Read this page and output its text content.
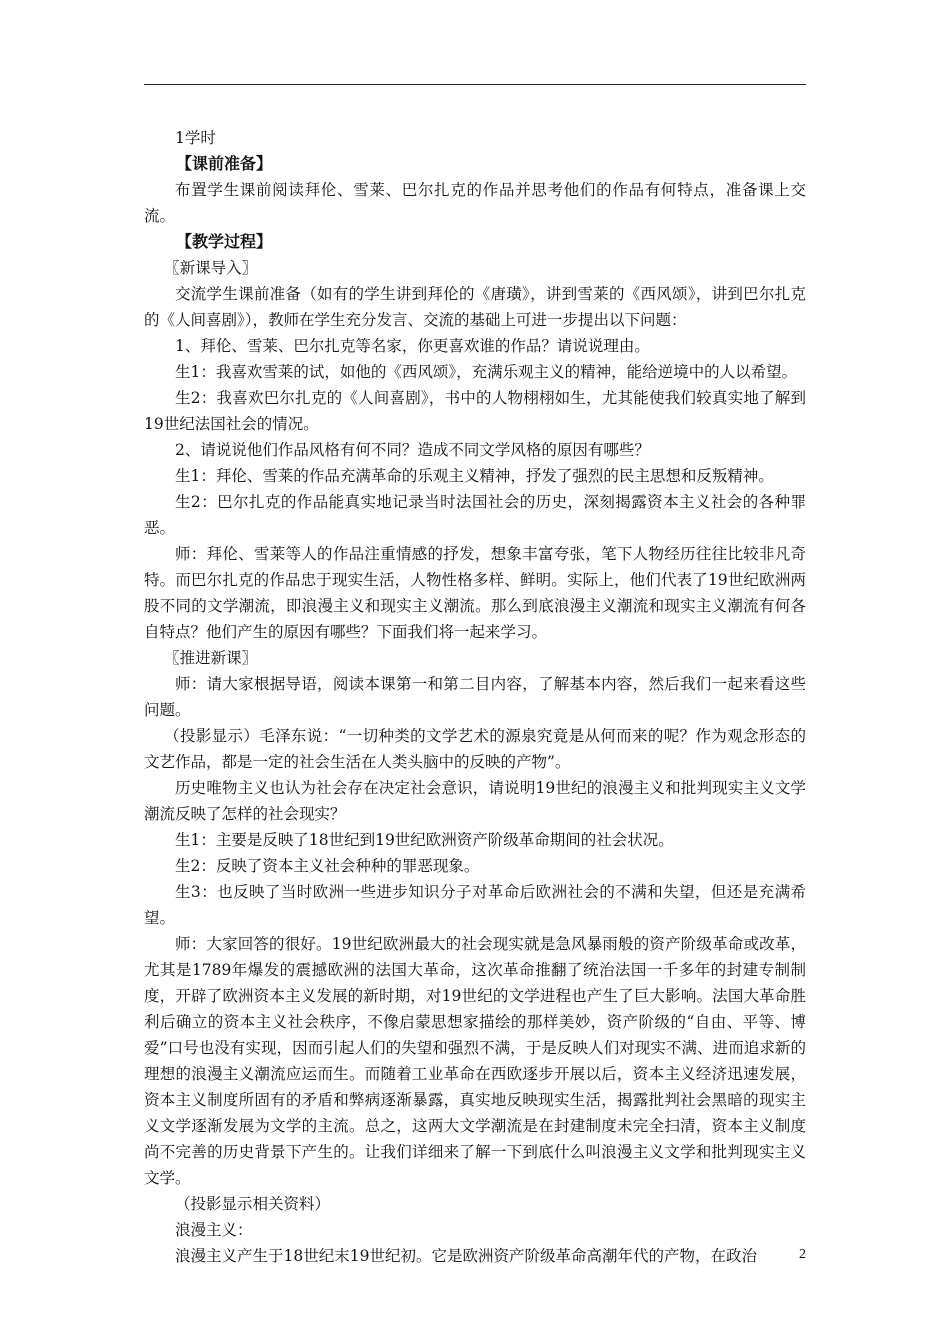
1学时

【课前准备】

布置学生课前阅读拜伦、雪莱、巴尔扎克的作品并思考他们的作品有何特点，准备课上交流。

【教学过程】

〖新课导入〗

交流学生课前准备（如有的学生讲到拜伦的《唐璜》，讲到雪莱的《西风颂》，讲到巴尔扎克的《人间喜剧》），教师在学生充分发言、交流的基础上可进一步提出以下问题：

1、拜伦、雪莱、巴尔扎克等名家，你更喜欢谁的作品？请说说理由。

生1：我喜欢雪莱的试，如他的《西风颂》，充满乐观主义的精神，能给逆境中的人以希望。

生2：我喜欢巴尔扎克的《人间喜剧》，书中的人物栩栩如生，尤其能使我们较真实地了解到19世纪法国社会的情况。

2、请说说他们作品风格有何不同？造成不同文学风格的原因有哪些？

生1：拜伦、雪莱的作品充满革命的乐观主义精神，抒发了强烈的民主思想和反叛精神。

生2：巴尔扎克的作品能真实地记录当时法国社会的历史，深刻揭露资本主义社会的各种罪恶。

师：拜伦、雪莱等人的作品注重情感的抒发，想象丰富夸张，笔下人物经历往往比较非凡奇特。而巴尔扎克的作品忠于现实生活，人物性格多样、鲜明。实际上，他们代表了19世纪欧洲两股不同的文学潮流，即浪漫主义和现实主义潮流。那么到底浪漫主义潮流和现实主义潮流有何各自特点？他们产生的原因有哪些？下面我们将一起来学习。

〖推进新课〗

师：请大家根据导语，阅读本课第一和第二目内容，了解基本内容，然后我们一起来看这些问题。

（投影显示）毛泽东说：“一切种类的文学艺术的源泉究竟是从何而来的呢？作为观念形态的文艺作品，都是一定的社会生活在人类头脑中的反映的产物”。

历史唯物主义也认为社会存在决定社会意识，请说明19世纪的浪漫主义和批判现实主义文学潮流反映了怎样的社会现实？

生1：主要是反映了18世纪到19世纪欧洲资产阶级革命期间的社会状况。

生2：反映了资本主义社会种种的罪恶现象。

生3：也反映了当时欧洲一些进步知识分子对革命后欧洲社会的不满和失望，但还是充满希望。

师：大家回答的很好。19世纪欧洲最大的社会现实就是急风暴雨般的资产阶级革命或改革，尤其是1789年爆发的震撼欧洲的法国大革命，这次革命推翻了统治法国一千多年的封建专制制度，开辟了欧洲资本主义发展的新时期，对19世纪的文学进程也产生了巨大影响。法国大革命胜利后确立的资本主义社会秩序，不像启蒙思想家描绘的那样美妙，资产阶级的“自由、平等、博爱”口号也没有实现，因而引起人们的失望和强烈不满，于是反映人们对现实不满、进而追求新的理想的浪漫主义潮流应运而生。而随着工业革命在西欧逐步开展以后，资本主义经济迅速发展，资本主义制度所固有的矛盾和弊病逐渐暴露，真实地反映现实生活，揭露批判社会黑暗的现实主义文学逐渐发展为文学的主流。总之，这两大文学潮流是在封建制度未完全扫清，资本主义制度尚不完善的历史背景下产生的。让我们详细来了解一下到底什么叫浪漫主义文学和批判现实主义文学。

（投影显示相关资料）

浪漫主义：

浪漫主义产生于18世纪末19世纪初。它是欧洲资产阶级革命高潮年代的产物，在政治	2
